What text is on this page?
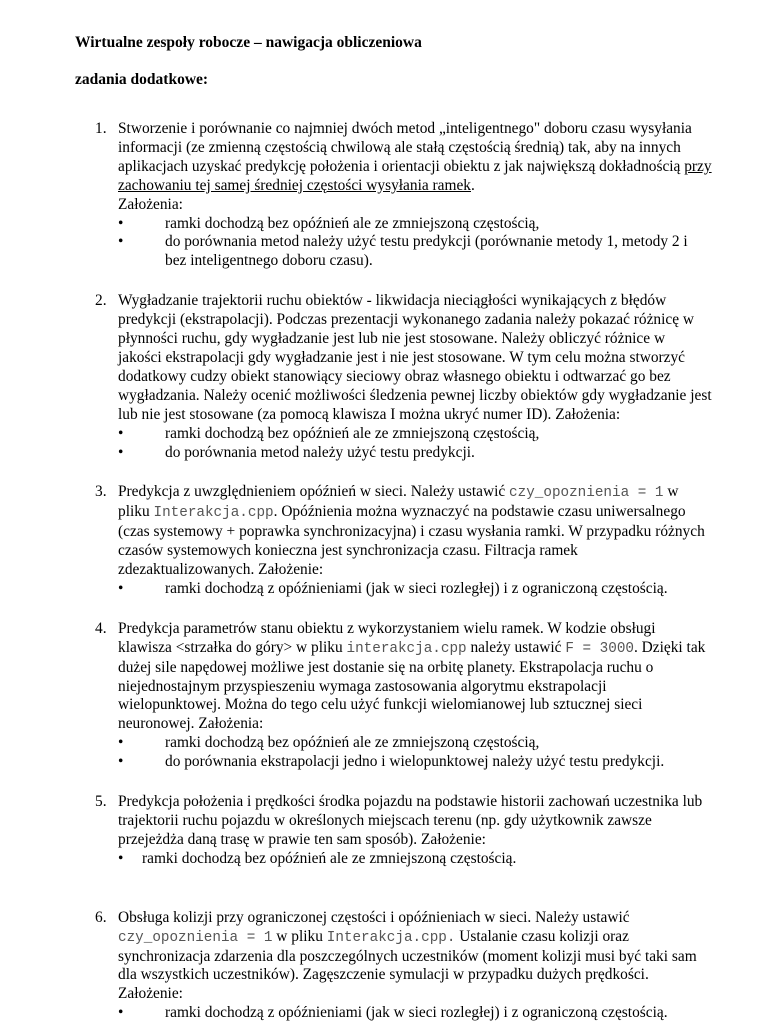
Wirtualne zespoły robocze – nawigacja obliczeniowa
zadania dodatkowe:
1. Stworzenie i porównanie co najmniej dwóch metod „inteligentnego" doboru czasu wysyłania informacji (ze zmienną częstością chwilową ale stałą częstością średnią) tak, aby na innych aplikacjach uzyskać predykcję położenia i orientacji obiektu z jak największą dokładnością przy zachowaniu tej samej średniej częstości wysyłania ramek.
Założenia:
•	ramki dochodzą bez opóźnień ale ze zmniejszoną częstością,
•	do porównania metod należy użyć testu predykcji (porównanie metody 1, metody 2 i bez inteligentnego doboru czasu).
2. Wygładzanie trajektorii ruchu obiektów - likwidacja nieciągłości wynikających z błędów predykcji (ekstrapolacji). Podczas prezentacji wykonanego zadania należy pokazać różnicę w płynności ruchu, gdy wygładzanie jest lub nie jest stosowane. Należy obliczyć różnice w jakości ekstrapolacji gdy wygładzanie jest i nie jest stosowane. W tym celu można stworzyć dodatkowy cudzy obiekt stanowiący sieciowy obraz własnego obiektu i odtwarzać go bez wygładzania. Należy ocenić możliwości śledzenia pewnej liczby obiektów gdy wygładzanie jest lub nie jest stosowane (za pomocą klawisza I można ukryć numer ID). Założenia:
•	ramki dochodzą bez opóźnień ale ze zmniejszoną częstością,
•	do porównania metod należy użyć testu predykcji.
3. Predykcja z uwzględnieniem opóźnień w sieci. Należy ustawić czy_opoznienia = 1 w pliku Interakcja.cpp. Opóźnienia można wyznaczyć na podstawie czasu uniwersalnego (czas systemowy + poprawka synchronizacyjna) i czasu wysłania ramki. W przypadku różnych czasów systemowych konieczna jest synchronizacja czasu. Filtracja ramek zdezaktualizowanych. Założenie:
•	ramki dochodzą z opóźnieniami (jak w sieci rozległej) i z ograniczoną częstością.
4. Predykcja parametrów stanu obiektu z wykorzystaniem wielu ramek. W kodzie obsługi klawisza <strzałka do góry> w pliku interakcja.cpp należy ustawić F = 3000. Dzięki tak dużej sile napędowej możliwe jest dostanie się na orbitę planety. Ekstrapolacja ruchu o niejednostajnym przyspieszeniu wymaga zastosowania algorytmu ekstrapolacji wielopunktowej. Można do tego celu użyć funkcji wielomianowej lub sztucznej sieci neuronowej. Założenia:
•	ramki dochodzą bez opóźnień ale ze zmniejszoną częstością,
•	do porównania ekstrapolacji jedno i wielopunktowej należy użyć testu predykcji.
5. Predykcja położenia i prędkości środka pojazdu na podstawie historii zachowań uczestnika lub trajektorii ruchu pojazdu w określonych miejscach terenu (np. gdy użytkownik zawsze przejeżdża daną trasę w prawie ten sam sposób). Założenie:
• ramki dochodzą bez opóźnień ale ze zmniejszoną częstością.
6. Obsługa kolizji przy ograniczonej częstości i opóźnieniach w sieci. Należy ustawić czy_opoznienia = 1 w pliku Interakcja.cpp. Ustalanie czasu kolizji oraz synchronizacja zdarzenia dla poszczególnych uczestników (moment kolizji musi być taki sam dla wszystkich uczestników). Zagęszczenie symulacji w przypadku dużych prędkości. Założenie:
•	ramki dochodzą z opóźnieniami (jak w sieci rozległej) i z ograniczoną częstością.
